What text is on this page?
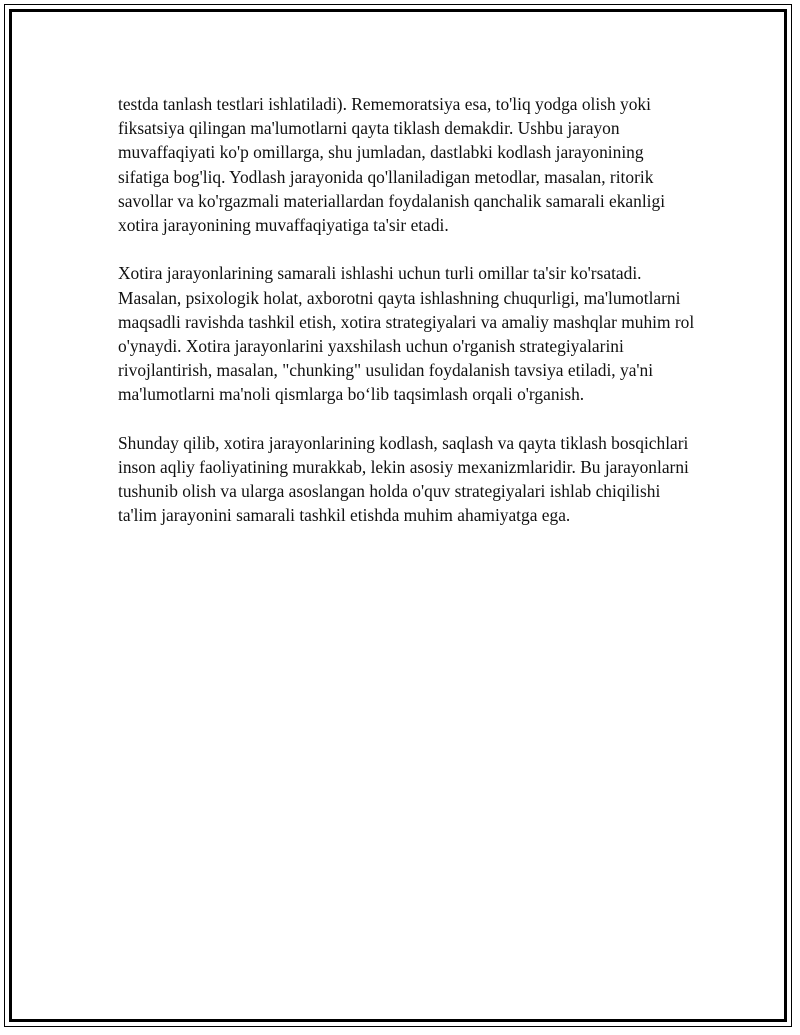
testda tanlash testlari ishlatiladi). Rememoratsiya esa, to'liq yodga olish yoki fiksatsiya qilingan ma'lumotlarni qayta tiklash demakdir. Ushbu jarayon muvaffaqiyati ko'p omillarga, shu jumladan, dastlabki kodlash jarayonining sifatiga bog'liq. Yodlash jarayonida qo'llaniladigan metodlar, masalan, ritorik savollar va ko'rgazmali materiallardan foydalanish qanchalik samarali ekanligi xotira jarayonining muvaffaqiyatiga ta'sir etadi.

Xotira jarayonlarining samarali ishlashi uchun turli omillar ta'sir ko'rsatadi. Masalan, psixologik holat, axborotni qayta ishlashning chuqurligi, ma'lumotlarni maqsadli ravishda tashkil etish, xotira strategiyalari va amaliy mashqlar muhim rol o'ynaydi. Xotira jarayonlarini yaxshilash uchun o'rganish strategiyalarini rivojlantirish, masalan, "chunking" usulidan foydalanish tavsiya etiladi, ya'ni ma'lumotlarni ma'noli qismlarga bo‘lib taqsimlash orqali o'rganish.

Shunday qilib, xotira jarayonlarining kodlash, saqlash va qayta tiklash bosqichlari inson aqliy faoliyatining murakkab, lekin asosiy mexanizmlaridir. Bu jarayonlarni tushunib olish va ularga asoslangan holda o'quv strategiyalari ishlab chiqilishi ta'lim jarayonini samarali tashkil etishda muhim ahamiyatga ega.
